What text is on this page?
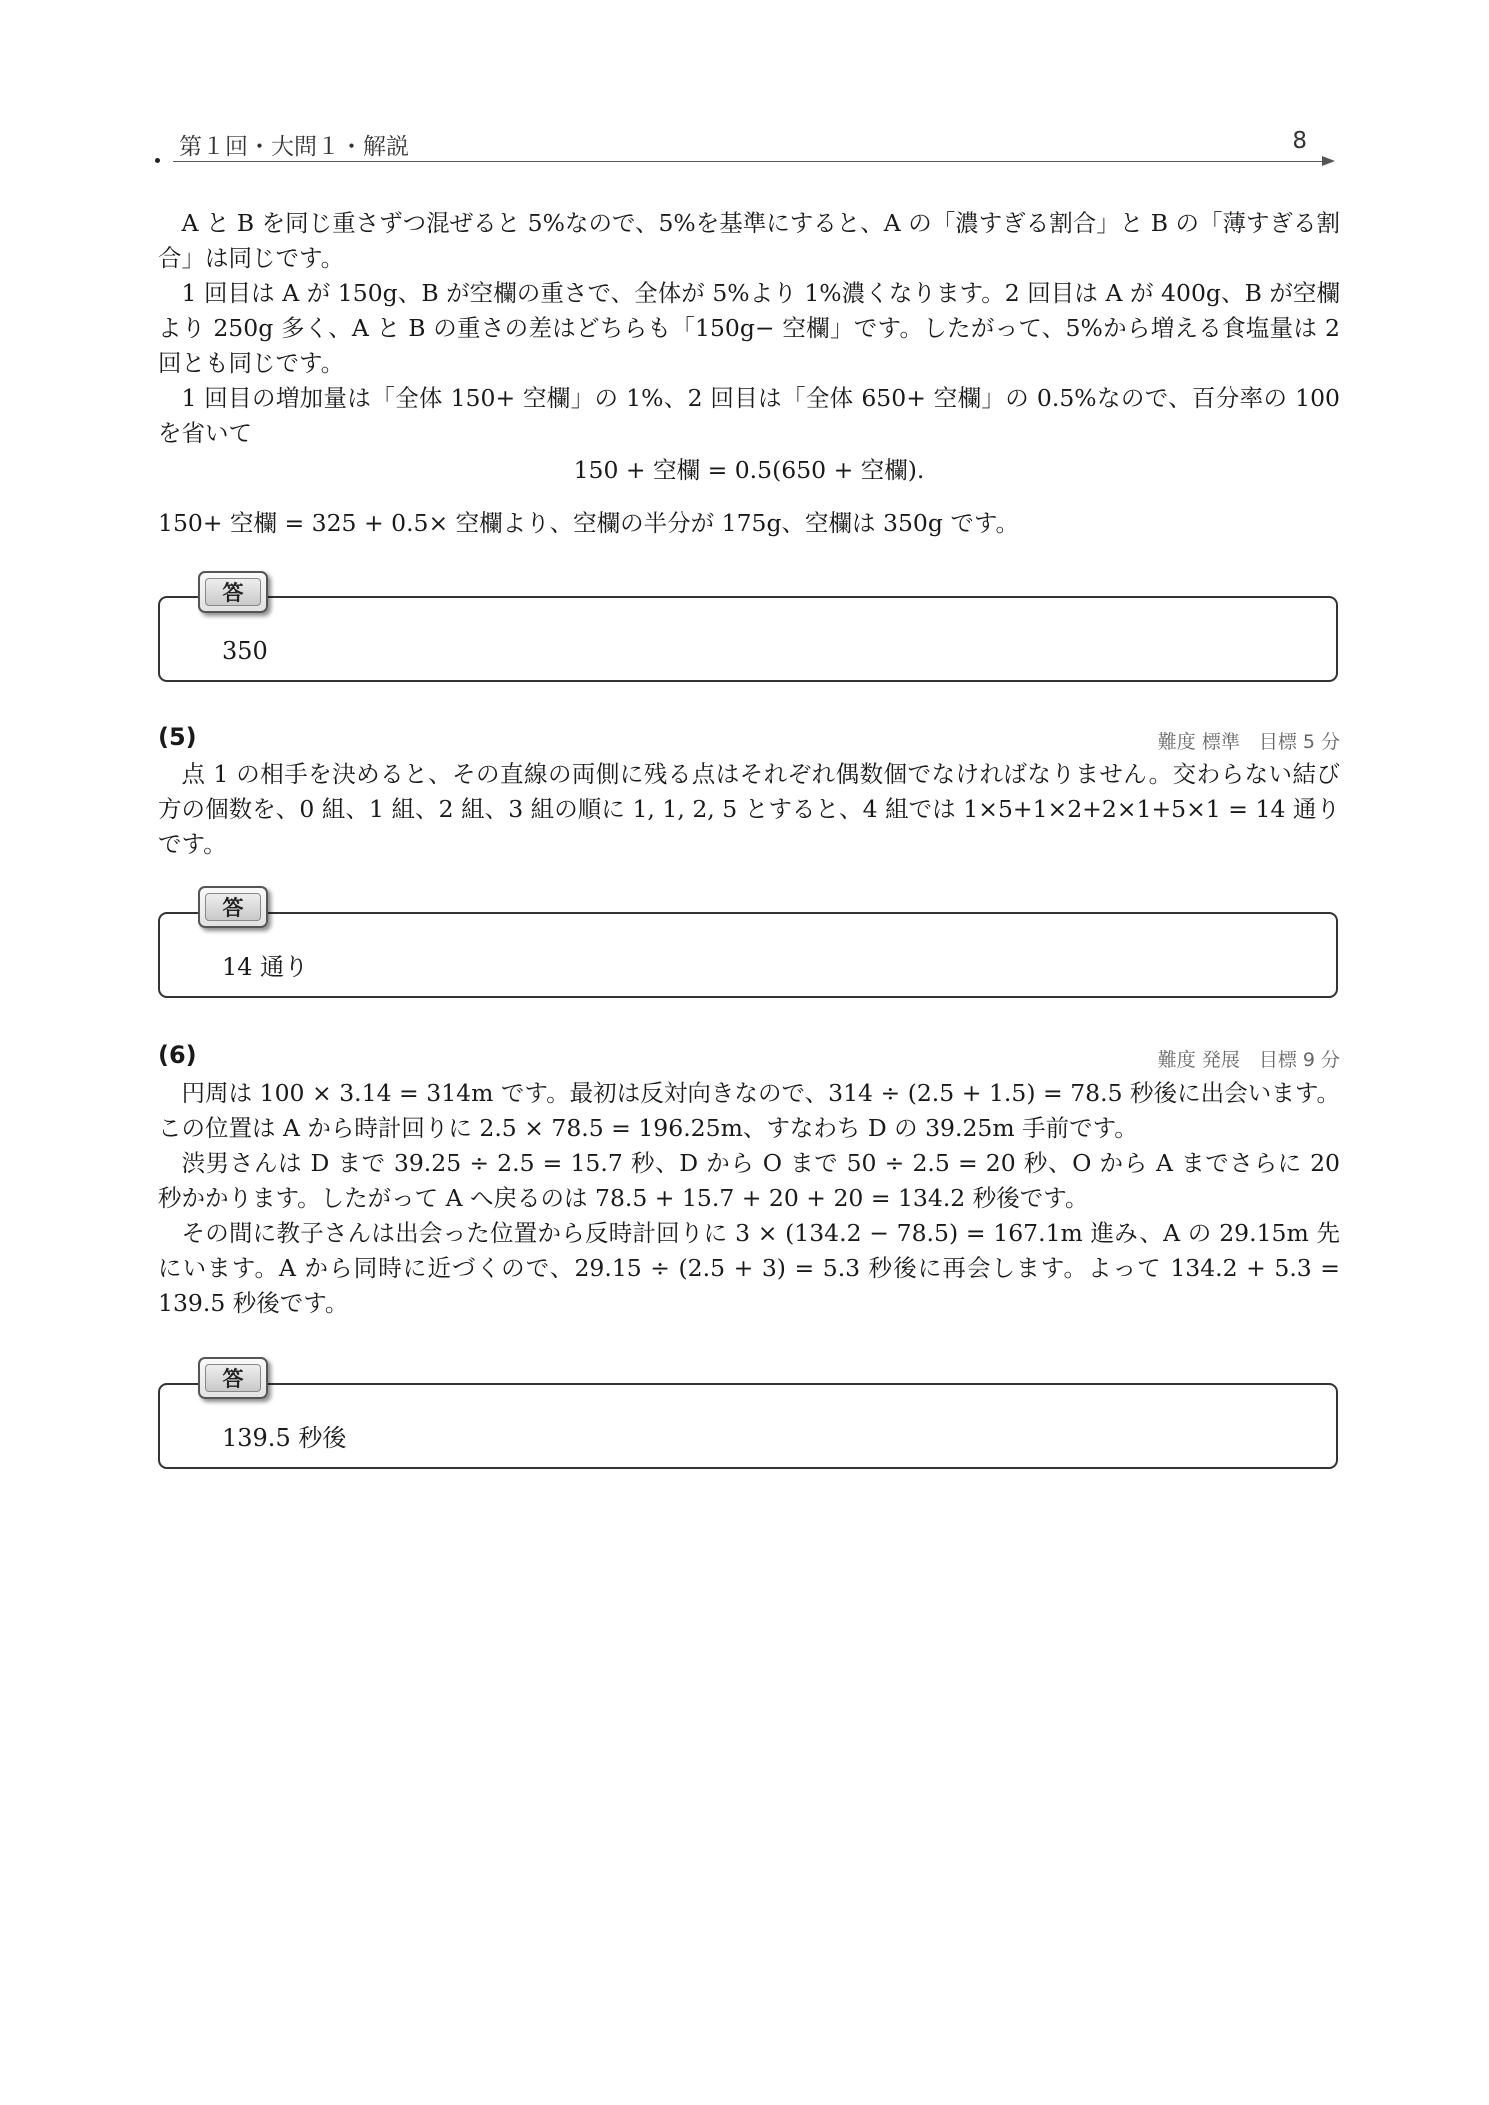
第１回・大問１・解説	8

A と B を同じ重さずつ混ぜると 5%なので、5%を基準にすると、A の「濃すぎる割合」と B の「薄すぎる割合」は同じです。

1 回目は A が 150g、B が空欄の重さで、全体が 5%より 1%濃くなります。2 回目は A が 400g、B が空欄より 250g 多く、A と B の重さの差はどちらも「150g− 空欄」です。したがって、5%から増える食塩量は 2 回とも同じです。

1 回目の増加量は「全体 150+ 空欄」の 1%、2 回目は「全体 650+ 空欄」の 0.5%なので、百分率の 100 を省いて

150 + 空欄 = 0.5(650 + 空欄).

150+ 空欄 = 325 + 0.5× 空欄より、空欄の半分が 175g、空欄は 350g です。

答
350
(5)	難度 標準　目標 5 分

点 1 の相手を決めると、その直線の両側に残る点はそれぞれ偶数個でなければなりません。交わらない結び方の個数を、0 組、1 組、2 組、3 組の順に 1, 1, 2, 5 とすると、4 組では 1×5+1×2+2×1+5×1 = 14 通りです。

答
14 通り
(6)	難度 発展　目標 9 分

円周は 100 × 3.14 = 314m です。最初は反対向きなので、314 ÷ (2.5 + 1.5) = 78.5 秒後に出会います。この位置は A から時計回りに 2.5 × 78.5 = 196.25m、すなわち D の 39.25m 手前です。

渋男さんは D まで 39.25 ÷ 2.5 = 15.7 秒、D から O まで 50 ÷ 2.5 = 20 秒、O から A までさらに 20 秒かかります。したがって A へ戻るのは 78.5 + 15.7 + 20 + 20 = 134.2 秒後です。

その間に教子さんは出会った位置から反時計回りに 3 × (134.2 − 78.5) = 167.1m 進み、A の 29.15m 先にいます。A から同時に近づくので、29.15 ÷ (2.5 + 3) = 5.3 秒後に再会します。よって 134.2 + 5.3 = 139.5 秒後です。

答
139.5 秒後
